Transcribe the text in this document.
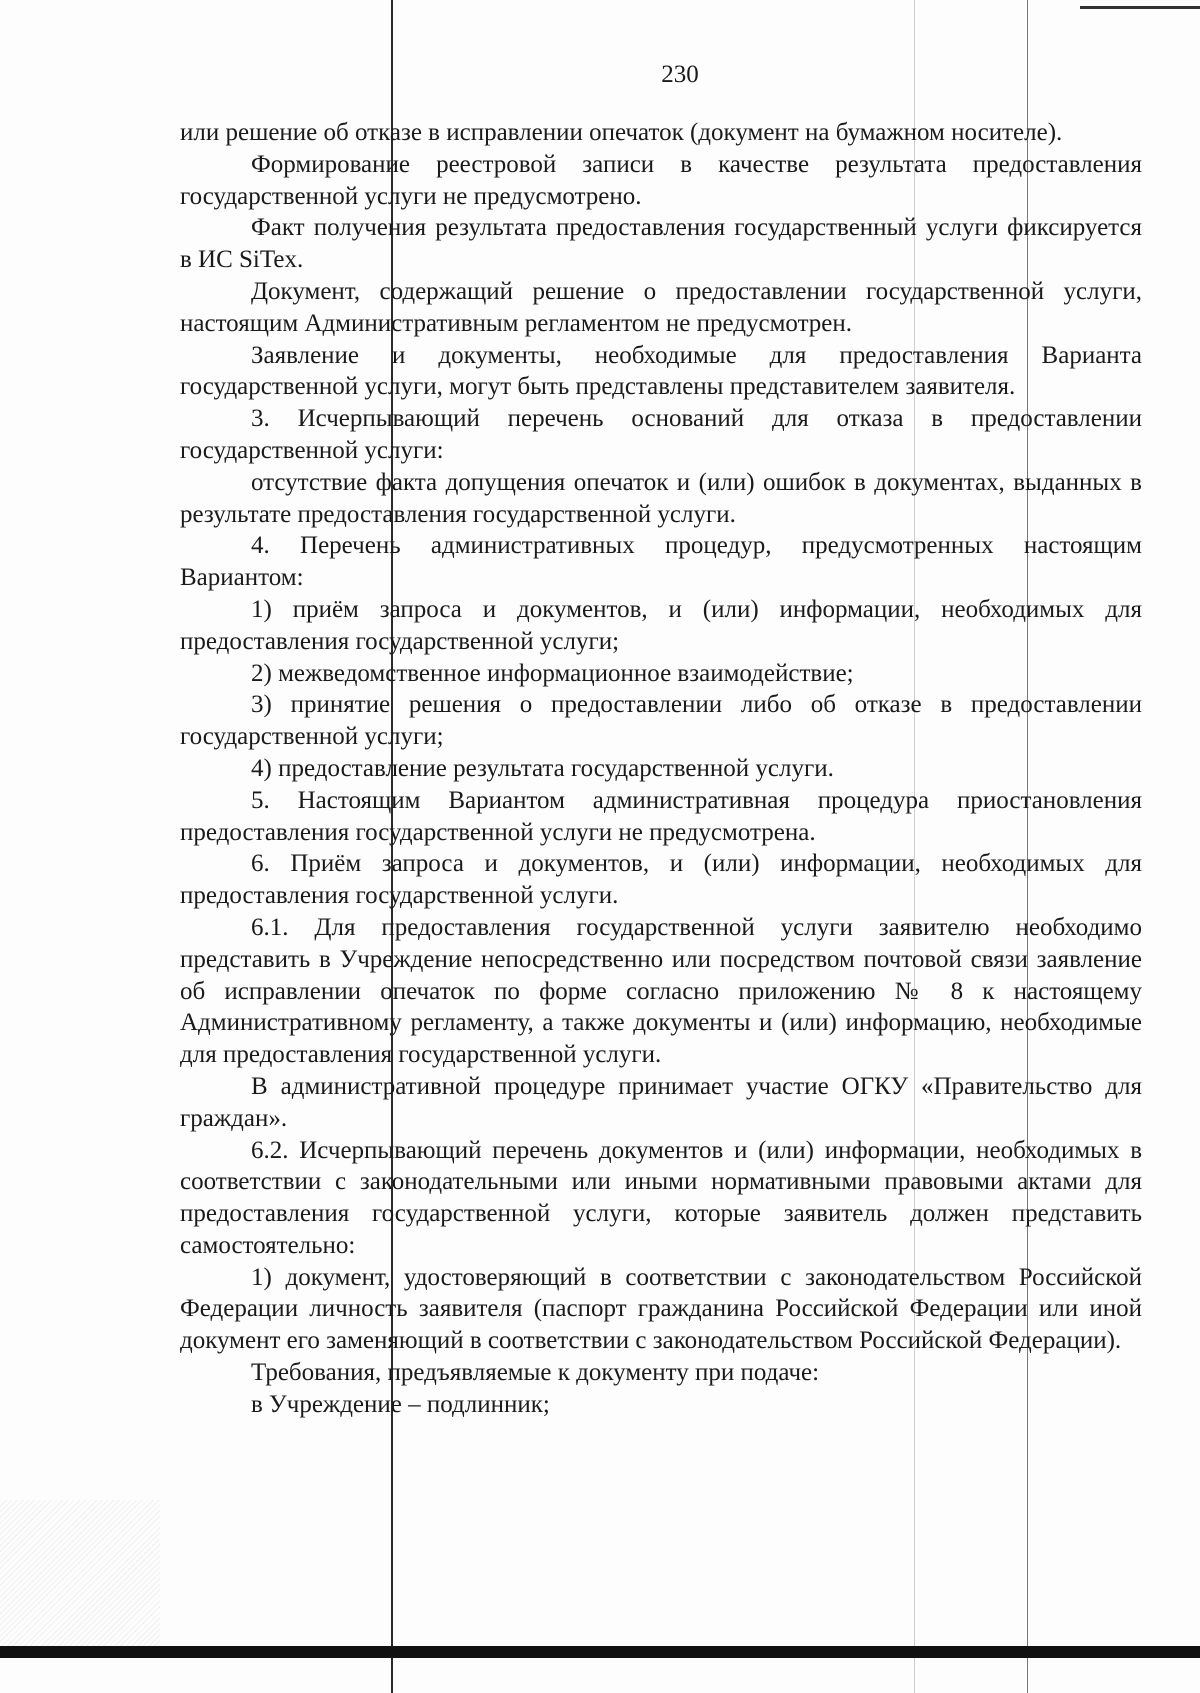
230

или решение об отказе в исправлении опечаток (документ на бумажном носителе).

Формирование реестровой записи в качестве результата предоставления государственной услуги не предусмотрено.

Факт получения результата предоставления государственный услуги фиксируется в ИС SiTex.

Документ, содержащий решение о предоставлении государственной услуги, настоящим Административным регламентом не предусмотрен.

Заявление и документы, необходимые для предоставления Варианта государственной услуги, могут быть представлены представителем заявителя.

3. Исчерпывающий перечень оснований для отказа в предоставлении государственной услуги:

отсутствие факта допущения опечаток и (или) ошибок в документах, выданных в результате предоставления государственной услуги.

4. Перечень административных процедур, предусмотренных настоящим Вариантом:

1) приём запроса и документов, и (или) информации, необходимых для предоставления государственной услуги;

2) межведомственное информационное взаимодействие;

3) принятие решения о предоставлении либо об отказе в предоставлении государственной услуги;

4) предоставление результата государственной услуги.

5. Настоящим Вариантом административная процедура приостановления предоставления государственной услуги не предусмотрена.

6. Приём запроса и документов, и (или) информации, необходимых для предоставления государственной услуги.

6.1. Для предоставления государственной услуги заявителю необходимо представить в Учреждение непосредственно или посредством почтовой связи заявление об исправлении опечаток по форме согласно приложению № 8 к настоящему Административному регламенту, а также документы и (или) информацию, необходимые для предоставления государственной услуги.

В административной процедуре принимает участие ОГКУ «Правительство для граждан».

6.2. Исчерпывающий перечень документов и (или) информации, необходимых в соответствии с законодательными или иными нормативными правовыми актами для предоставления государственной услуги, которые заявитель должен представить самостоятельно:

1) документ, удостоверяющий в соответствии с законодательством Российской Федерации личность заявителя (паспорт гражданина Российской Федерации или иной документ его заменяющий в соответствии с законодательством Российской Федерации).

Требования, предъявляемые к документу при подаче:

в Учреждение – подлинник;
